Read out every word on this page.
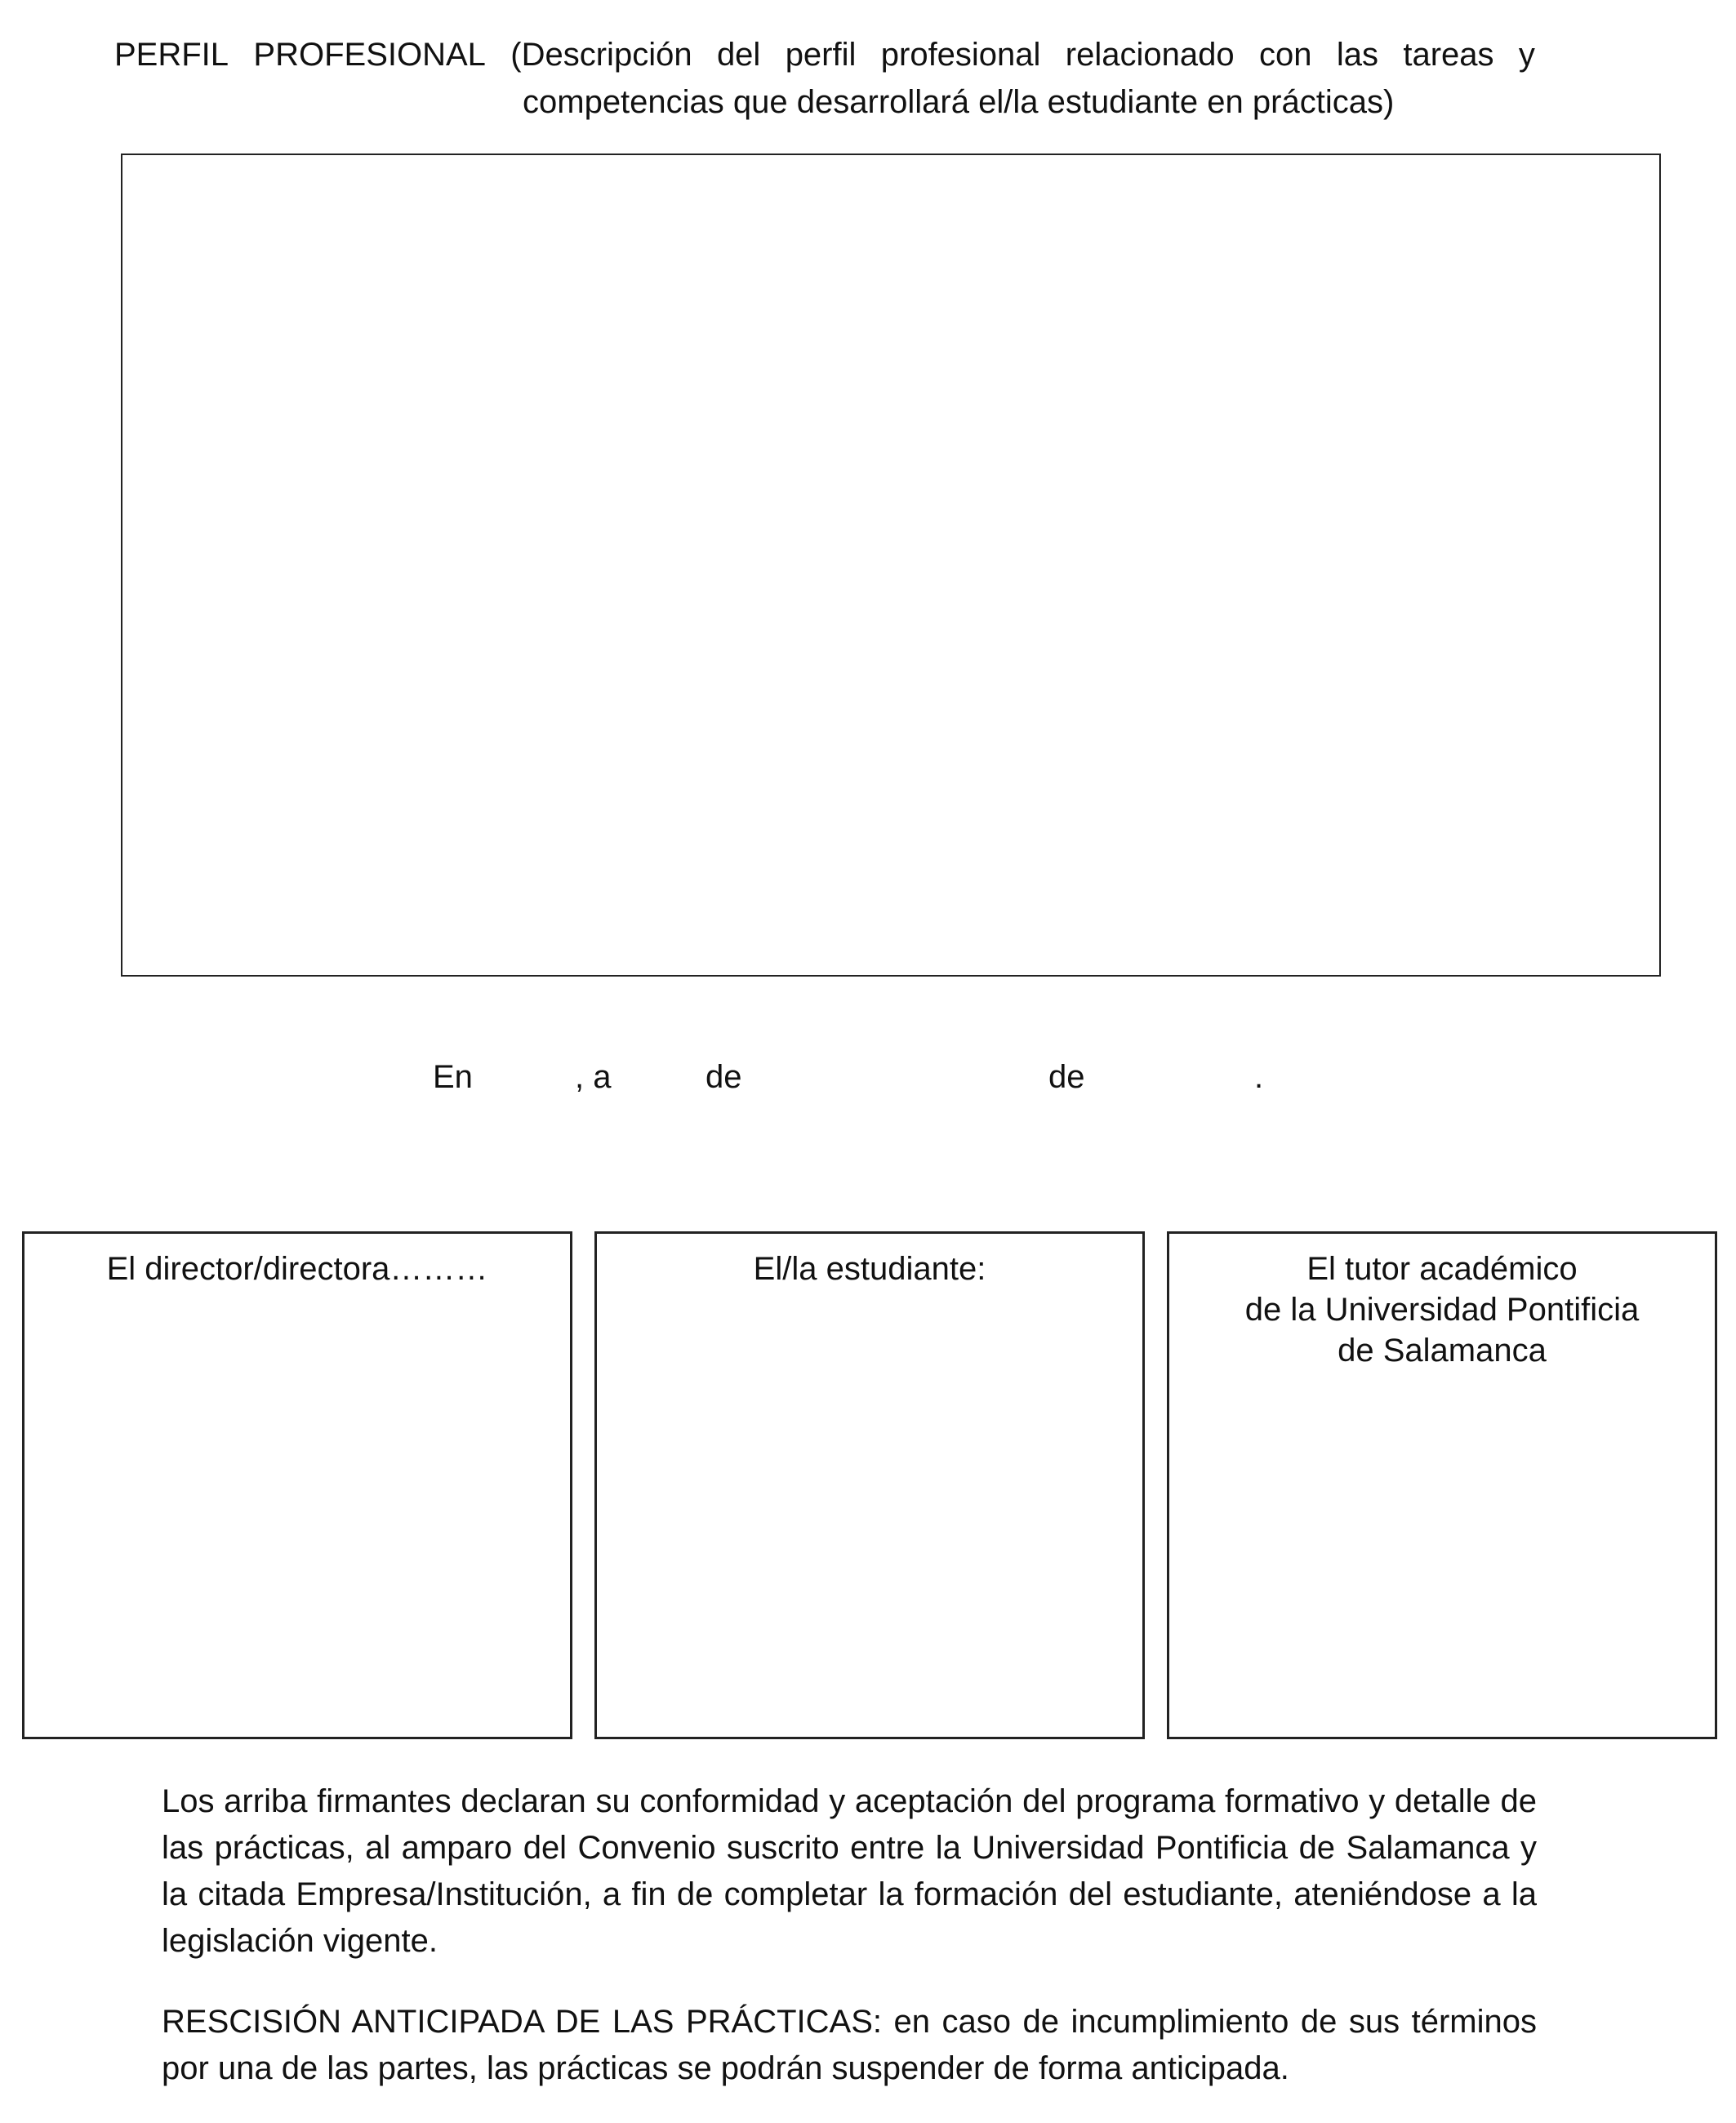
PERFIL PROFESIONAL (Descripción del perfil profesional relacionado con las tareas y
competencias que desarrollará el/la estudiante en prácticas)
En	, a	de	de	.
El director/directora………	El/la estudiante:	El tutor académico
de la Universidad Pontificia
de Salamanca

Los arriba firmantes declaran su conformidad y aceptación del programa formativo y detalle de las prácticas, al amparo del Convenio suscrito entre la Universidad Pontificia de Salamanca y la citada Empresa/Institución, a fin de completar la formación del estudiante, ateniéndose a la legislación vigente.

RESCISIÓN ANTICIPADA DE LAS PRÁCTICAS: en caso de incumplimiento de sus términos por una de las partes, las prácticas se podrán suspender de forma anticipada.
